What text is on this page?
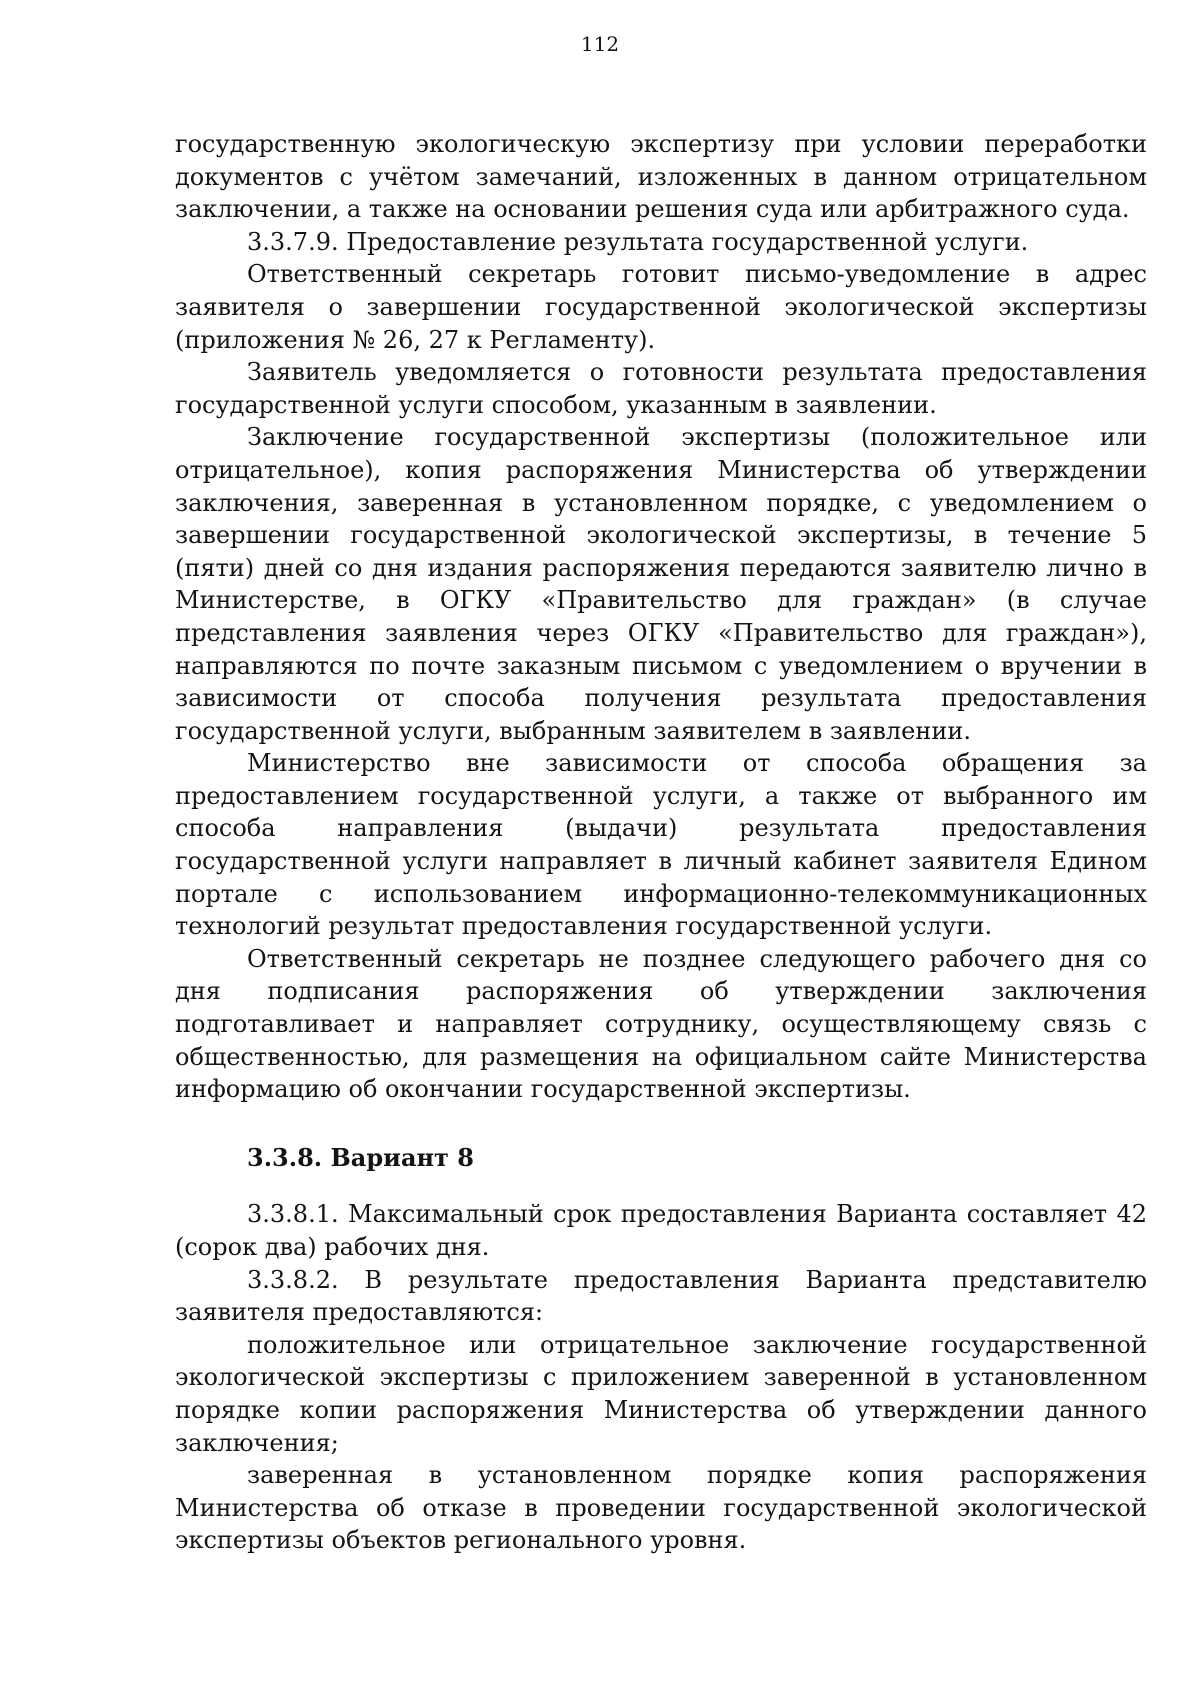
112

государственную экологическую экспертизу при условии переработки документов с учётом замечаний, изложенных в данном отрицательном заключении, а также на основании решения суда или арбитражного суда.

3.3.7.9. Предоставление результата государственной услуги.

Ответственный секретарь готовит письмо-уведомление в адрес заявителя о завершении государственной экологической экспертизы (приложения № 26, 27 к Регламенту).

Заявитель уведомляется о готовности результата предоставления государственной услуги способом, указанным в заявлении.

Заключение государственной экспертизы (положительное или отрицательное), копия распоряжения Министерства об утверждении заключения, заверенная в установленном порядке, с уведомлением о завершении государственной экологической экспертизы, в течение 5 (пяти) дней со дня издания распоряжения передаются заявителю лично в Министерстве, в ОГКУ «Правительство для граждан» (в случае представления заявления через ОГКУ «Правительство для граждан»), направляются по почте заказным письмом с уведомлением о вручении в зависимости от способа получения результата предоставления государственной услуги, выбранным заявителем в заявлении.

Министерство вне зависимости от способа обращения за предоставлением государственной услуги, а также от выбранного им способа направления (выдачи) результата предоставления государственной услуги направляет в личный кабинет заявителя Едином портале с использованием информационно-телекоммуникационных технологий результат предоставления государственной услуги.

Ответственный секретарь не позднее следующего рабочего дня со дня подписания распоряжения об утверждении заключения подготавливает и направляет сотруднику, осуществляющему связь с общественностью, для размещения на официальном сайте Министерства информацию об окончании государственной экспертизы.

3.3.8. Вариант 8

3.3.8.1. Максимальный срок предоставления Варианта составляет 42 (сорок два) рабочих дня.

3.3.8.2. В результате предоставления Варианта представителю заявителя предоставляются:

положительное или отрицательное заключение государственной экологической экспертизы с приложением заверенной в установленном порядке копии распоряжения Министерства об утверждении данного заключения;

заверенная в установленном порядке копия распоряжения Министерства об отказе в проведении государственной экологической экспертизы объектов регионального уровня.
